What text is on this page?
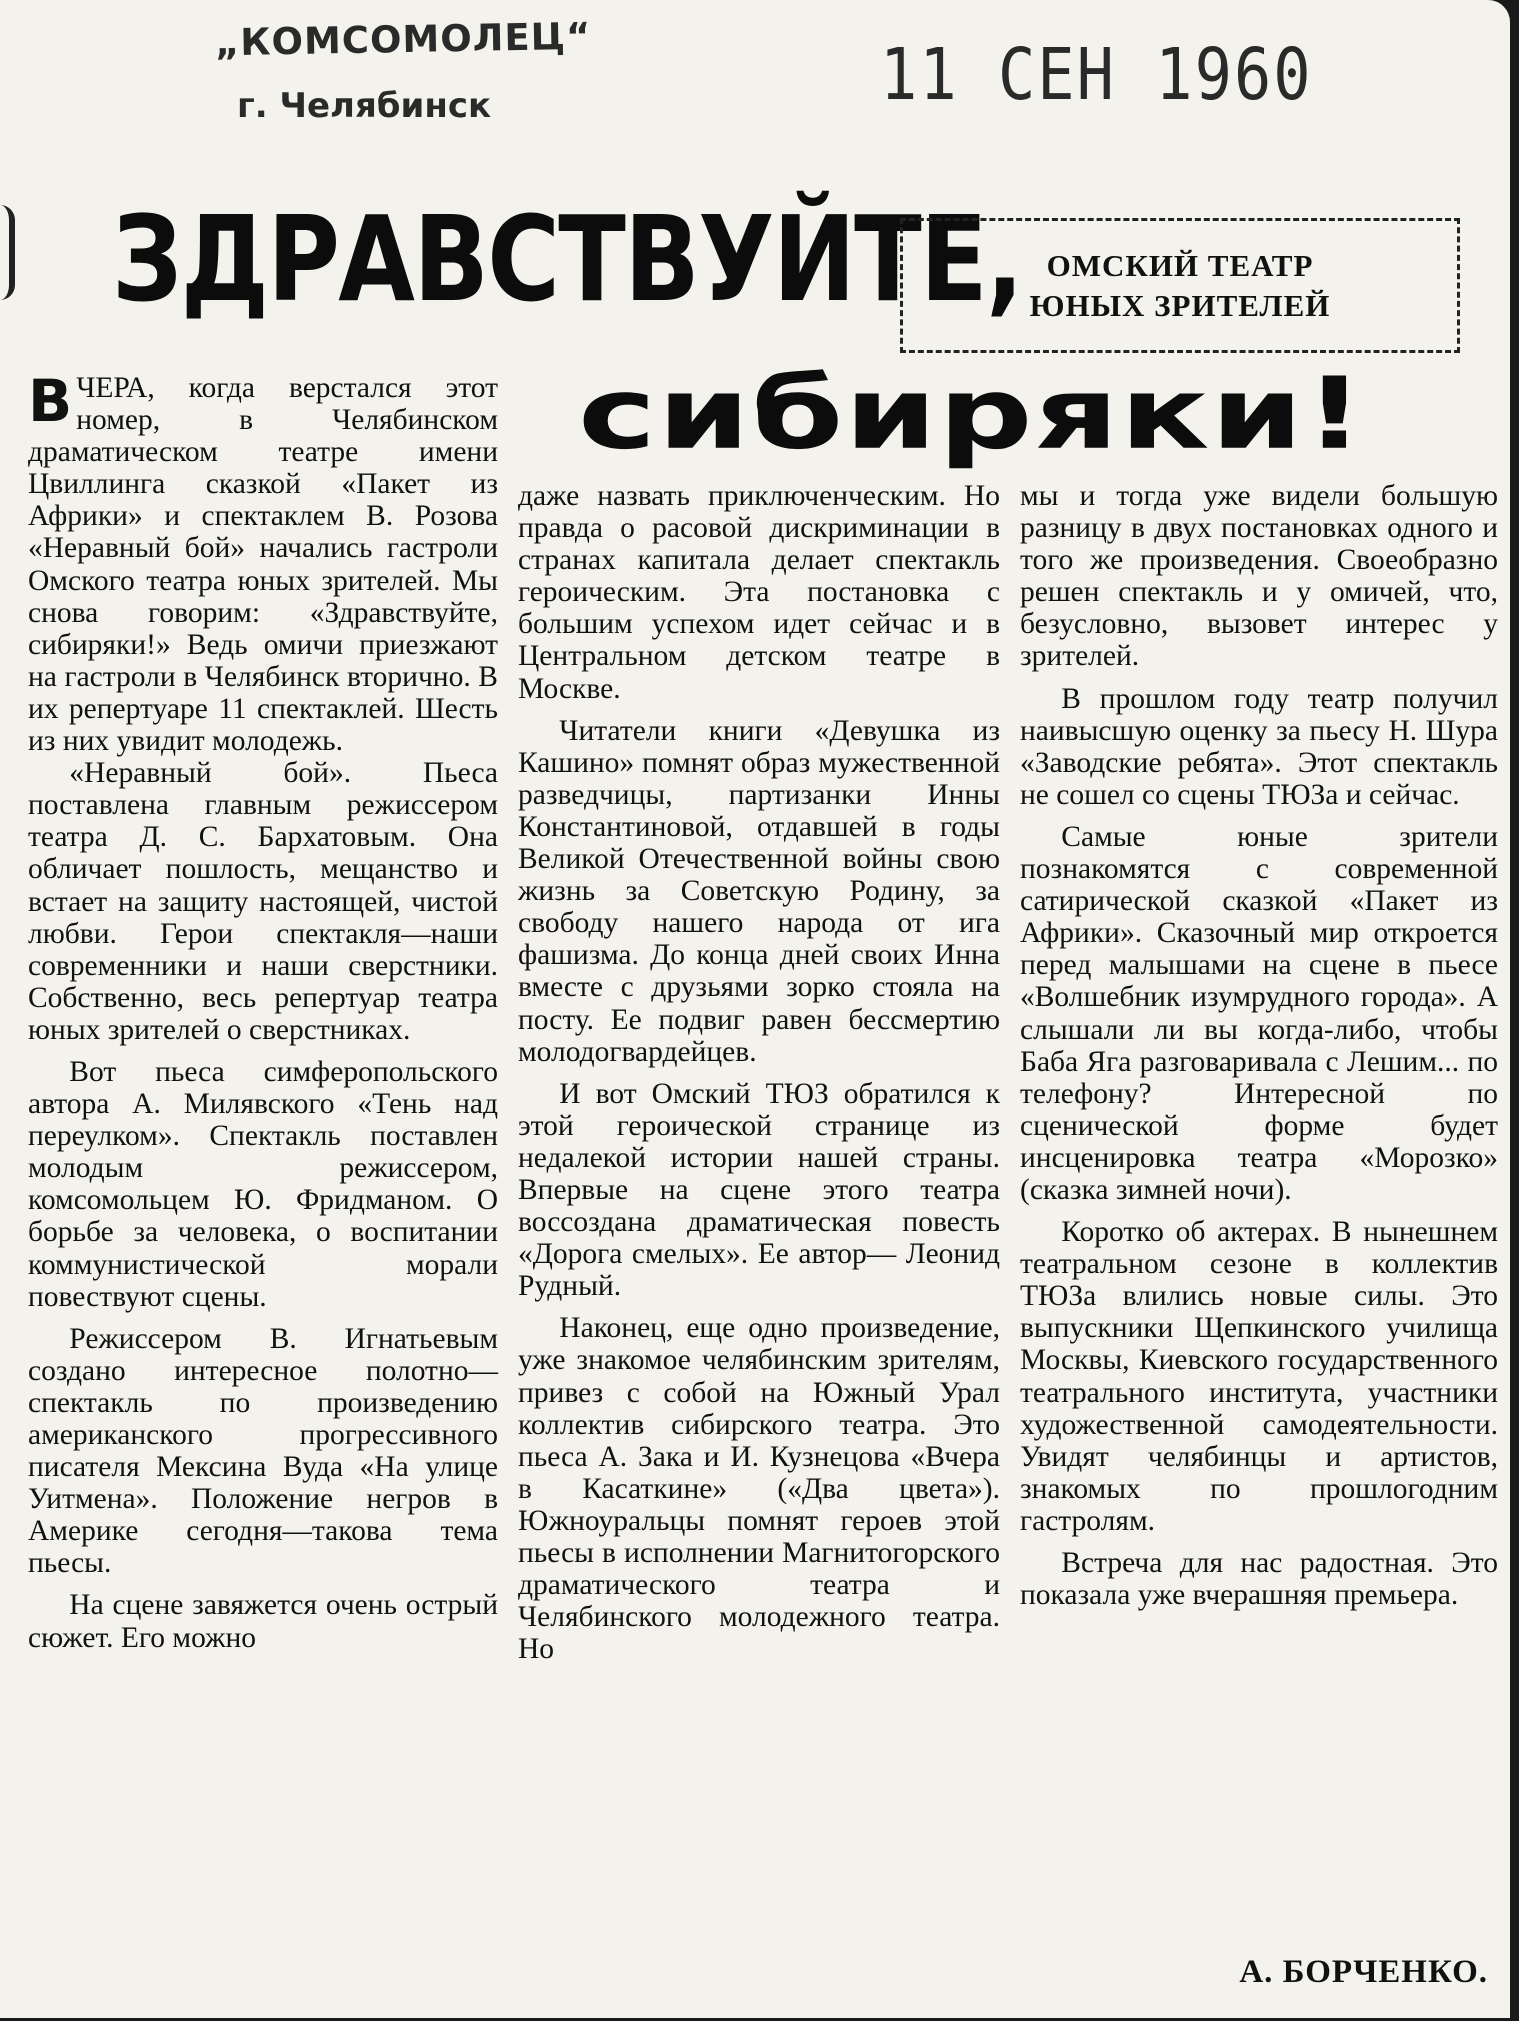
„КОМСОМОЛЕЦ“
г. Челябинск	11 СЕН 1960
ЗДРАВСТВУЙТЕ,
сибиряки!
ОМСКИЙ ТЕАТР
ЮНЫХ ЗРИТЕЛЕЙ

ВЧЕРА, когда верстался этот номер, в Челябинском драматическом театре имени Цвиллинга сказкой «Пакет из Африки» и спектаклем В. Розова «Неравный бой» начались гастроли Омского театра юных зрителей. Мы снова говорим: «Здравствуйте, сибиряки!» Ведь омичи приезжают на гастроли в Челябинск вторично. В их репертуаре 11 спектаклей. Шесть из них увидит молодежь.

«Неравный бой». Пьеса поставлена главным режиссером театра Д. С. Бархатовым. Она обличает пошлость, мещанство и встает на защиту настоящей, чистой любви. Герои спектакля—наши современники и наши сверстники. Собственно, весь репертуар театра юных зрителей о сверстниках.

Вот пьеса симферопольского автора А. Милявского «Тень над переулком». Спектакль поставлен молодым режиссером, комсомольцем Ю. Фридманом. О борьбе за человека, о воспитании коммунистической морали повествуют сцены.

Режиссером В. Игнатьевым создано интересное полотно—спектакль по произведению американского прогрессивного писателя Мексина Вуда «На улице Уитмена». Положение негров в Америке сегодня—такова тема пьесы.

На сцене завяжется очень острый сюжет. Его можно

даже назвать приключенческим. Но правда о расовой дискриминации в странах капитала делает спектакль героическим. Эта постановка с большим успехом идет сейчас и в Центральном детском театре в Москве.

Читатели книги «Девушка из Кашино» помнят образ мужественной разведчицы, партизанки Инны Константиновой, отдавшей в годы Великой Отечественной войны свою жизнь за Советскую Родину, за свободу нашего народа от ига фашизма. До конца дней своих Инна вместе с друзьями зорко стояла на посту. Ее подвиг равен бессмертию молодогвардейцев.

И вот Омский ТЮЗ обратился к этой героической странице из недалекой истории нашей страны. Впервые на сцене этого театра воссоздана драматическая повесть «Дорога смелых». Ее автор— Леонид Рудный.

Наконец, еще одно произведение, уже знакомое челябинским зрителям, привез с собой на Южный Урал коллектив сибирского театра. Это пьеса А. Зака и И. Кузнецова «Вчера в Касаткине» («Два цвета»). Южноуральцы помнят героев этой пьесы в исполнении Магнитогорского драматического театра и Челябинского молодежного театра. Но

мы и тогда уже видели большую разницу в двух постановках одного и того же произведения. Своеобразно решен спектакль и у омичей, что, безусловно, вызовет интерес у зрителей.

В прошлом году театр получил наивысшую оценку за пьесу Н. Шура «Заводские ребята». Этот спектакль не сошел со сцены ТЮЗа и сейчас.

Самые юные зрители познакомятся с современной сатирической сказкой «Пакет из Африки». Сказочный мир откроется перед малышами на сцене в пьесе «Волшебник изумрудного города». А слышали ли вы когда-либо, чтобы Баба Яга разговаривала с Лешим... по телефону? Интересной по сценической форме будет инсценировка театра «Морозко» (сказка зимней ночи).

Коротко об актерах. В нынешнем театральном сезоне в коллектив ТЮЗа влились новые силы. Это выпускники Щепкинского училища Москвы, Киевского государственного театрального института, участники художественной самодеятельности. Увидят челябинцы и артистов, знакомых по прошлогодним гастролям.

Встреча для нас радостная. Это показала уже вчерашняя премьера.

А. БОРЧЕНКО.
